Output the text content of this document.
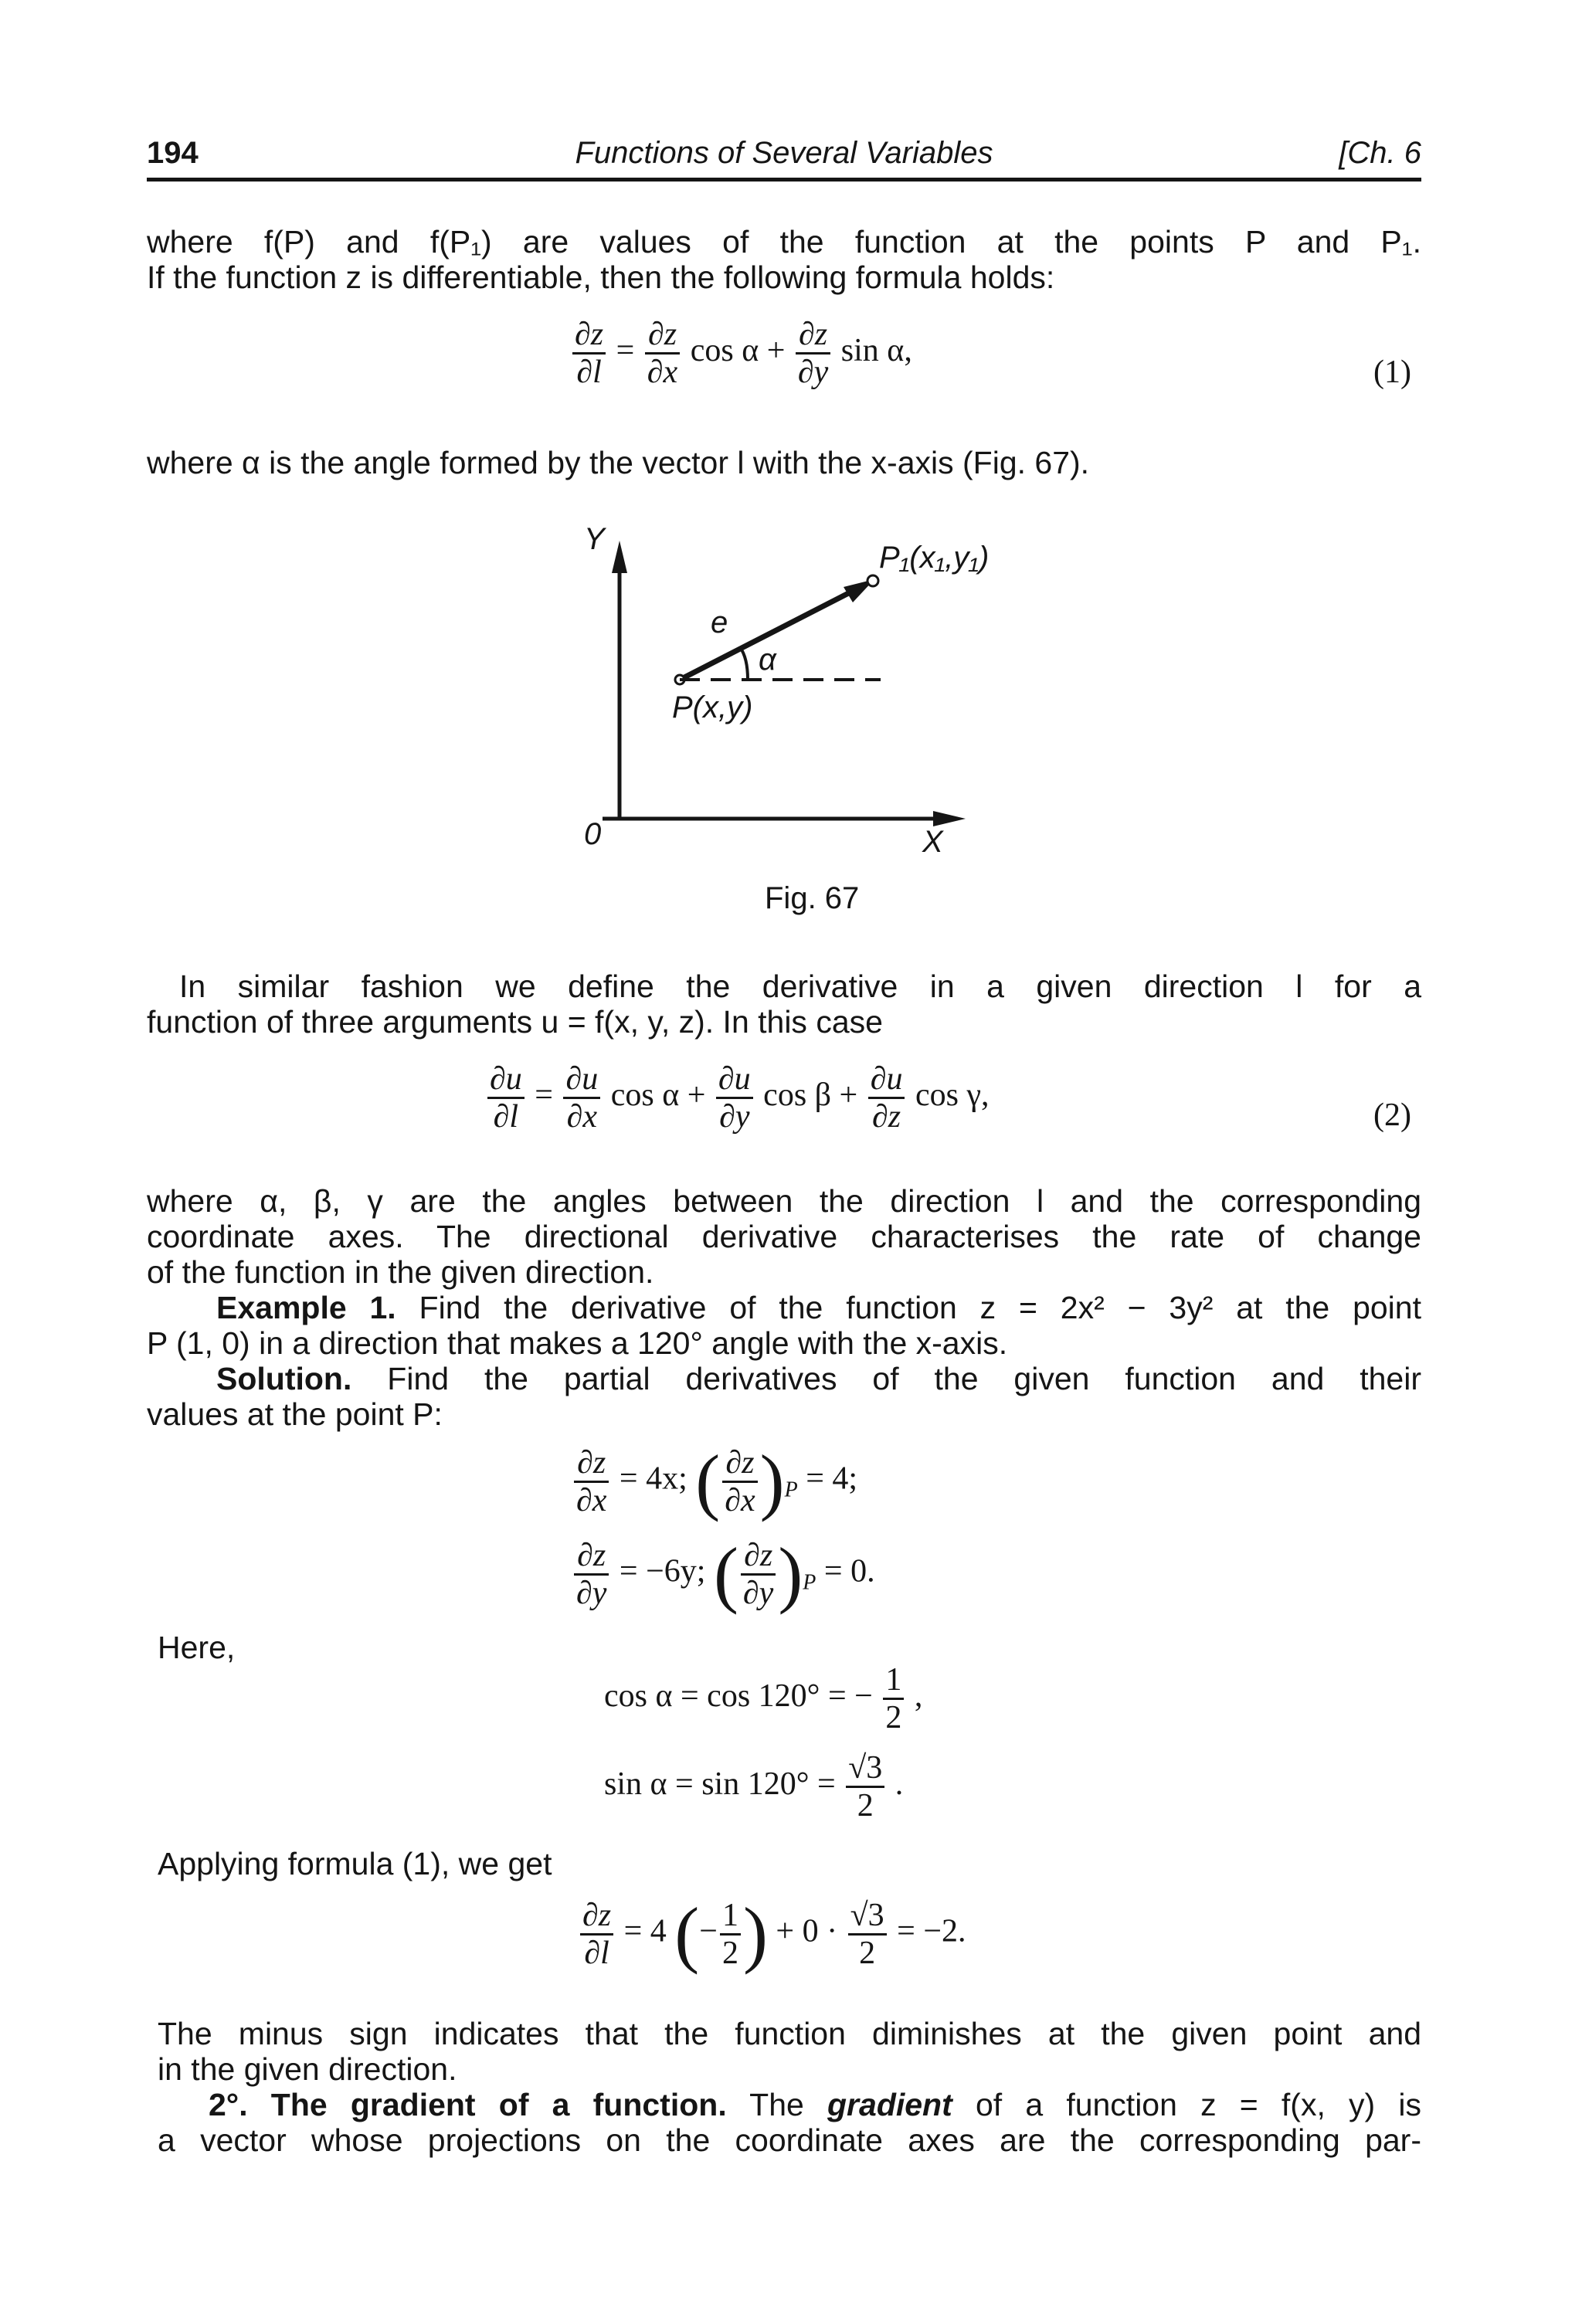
194	Functions of Several Variables	[Ch. 6
where f(P) and f(P₁) are values of the function at the points P and P₁.
If the function z is differentiable, then the following formula holds:
$\frac{\partial z}{\partial l} = \frac{\partial z}{\partial x}$ $\cos \alpha + \frac{\partial z}{\partial y}$ sin α,
(1)
where α is the angle formed by the vector l with the x-axis (Fig. 67).
Y
0	X
P₁(x₁,y₁)
e
α
P(x,y)
Fig. 67
In similar fashion we define the derivative in a given direction l for a
function of three arguments u = f(x, y, z). In this case
$\frac{\partial u}{\partial l} = \frac{\partial u}{\partial x}$ $\cos \alpha + \frac{\partial u}{\partial y}$ $\cos \beta + \frac{\partial u}{\partial z}$ cos γ,
(2)
where α, β, γ are the angles between the direction l and the corresponding
coordinate axes. The directional derivative characterises the rate of change
of the function in the given direction.
Example 1. Find the derivative of the function z = 2x² − 3y² at the point
P (1, 0) in a direction that makes a 120° angle with the x-axis.
Solution. Find the partial derivatives of the given function and their
values at the point P:
$\frac{\partial z}{\partial x} = 4x$; ( $\frac{\partial z}{\partial x} )_P = 4$;
$\frac{\partial z}{\partial y} = -6y$; ( $\frac{\partial z}{\partial y} )_P = 0$.
Here,
cos α = cos 120° = − $\frac{1}{2}$ ,
$\sin \alpha = \sin 120^\circ = \frac{√3}{2}$ .
Applying formula (1), we get
$\frac{\partial z}{\partial l} = 4$ (− $\frac{1}{2}$ ) + $0 \cdot \frac{√3}{2} = -2$.
The minus sign indicates that the function diminishes at the given point and
in the given direction.
2°. The gradient of a function. The gradient of a function z = f(x, y) is
a vector whose projections on the coordinate axes are the corresponding par-
